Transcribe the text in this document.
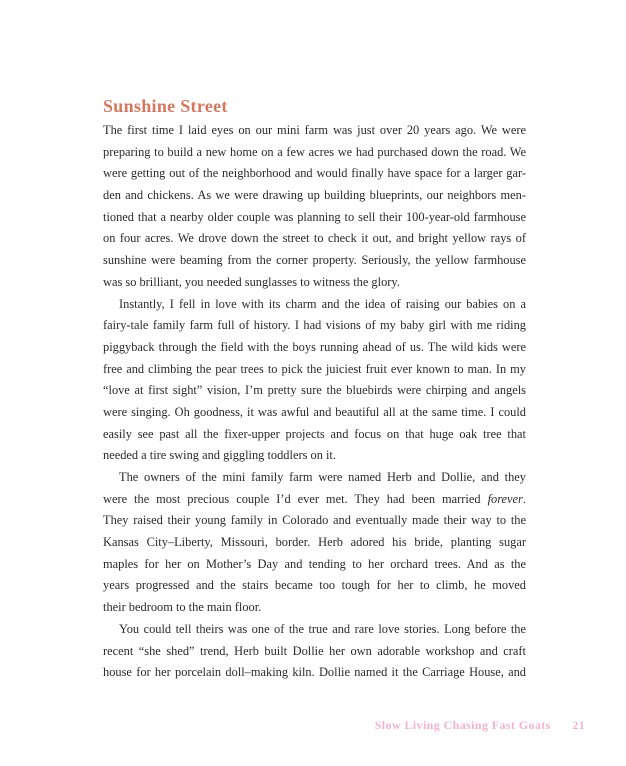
Sunshine Street
The first time I laid eyes on our mini farm was just over 20 years ago. We were
preparing to build a new home on a few acres we had purchased down the road. We
were getting out of the neighborhood and would finally have space for a larger gar-
den and chickens. As we were drawing up building blueprints, our neighbors men-
tioned that a nearby older couple was planning to sell their 100-year-old farmhouse
on four acres. We drove down the street to check it out, and bright yellow rays of
sunshine were beaming from the corner property. Seriously, the yellow farmhouse
was so brilliant, you needed sunglasses to witness the glory.
Instantly, I fell in love with its charm and the idea of raising our babies on a
fairy-tale family farm full of history. I had visions of my baby girl with me riding
piggyback through the field with the boys running ahead of us. The wild kids were
free and climbing the pear trees to pick the juiciest fruit ever known to man. In my
“love at first sight” vision, I’m pretty sure the bluebirds were chirping and angels
were singing. Oh goodness, it was awful and beautiful all at the same time. I could
easily see past all the fixer-upper projects and focus on that huge oak tree that
needed a tire swing and giggling toddlers on it.
The owners of the mini family farm were named Herb and Dollie, and they
were the most precious couple I’d ever met. They had been married forever.
They raised their young family in Colorado and eventually made their way to the
Kansas City–Liberty, Missouri, border. Herb adored his bride, planting sugar
maples for her on Mother’s Day and tending to her orchard trees. And as the
years progressed and the stairs became too tough for her to climb, he moved
their bedroom to the main floor.
You could tell theirs was one of the true and rare love stories. Long before the
recent “she shed” trend, Herb built Dollie her own adorable workshop and craft
house for her porcelain doll–making kiln. Dollie named it the Carriage House, and
Slow Living Chasing Fast Goats 21
